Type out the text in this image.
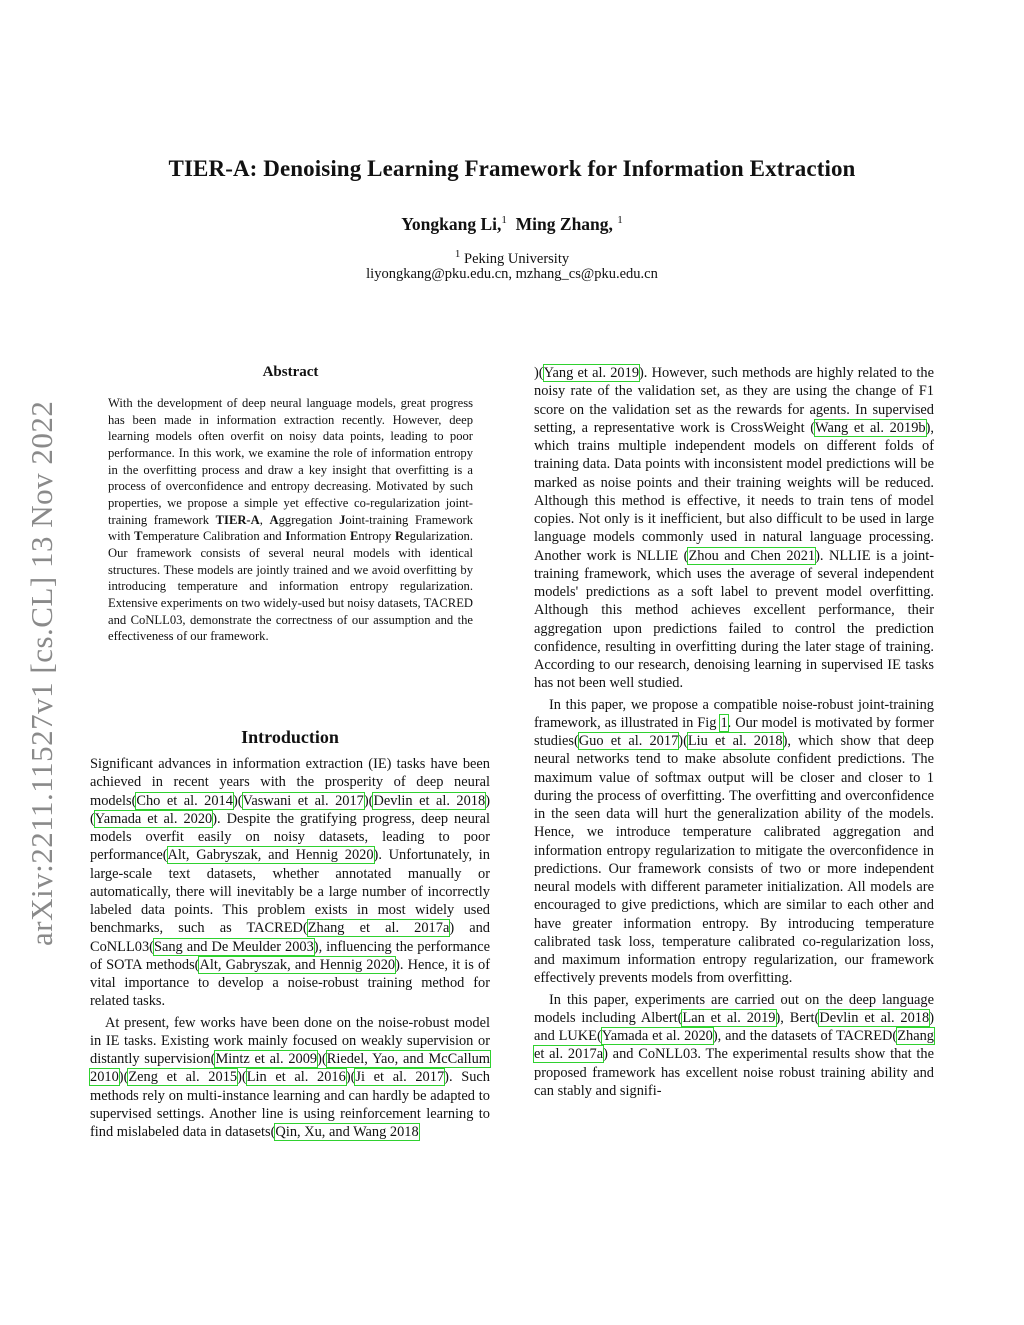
arXiv:2211.11527v1 [cs.CL] 13 Nov 2022
TIER-A: Denoising Learning Framework for Information Extraction
Yongkang Li,$^1$ Ming Zhang, $^1$
$^1$ Peking University
liyongkang@pku.edu.cn, mzhang_cs@pku.edu.cn
Abstract

With the development of deep neural language models, great progress has been made in information extraction recently. However, deep learning models often overfit on noisy data points, leading to poor performance. In this work, we examine the role of information entropy in the overfitting process and draw a key insight that overfitting is a process of overconfidence and entropy decreasing. Motivated by such properties, we propose a simple yet effective co-regularization joint-training framework TIER-A, Aggregation Joint-training Framework with Temperature Calibration and Information Entropy Regularization. Our framework consists of several neural models with identical structures. These models are jointly trained and we avoid overfitting by introducing temperature and information entropy regularization. Extensive experiments on two widely-used but noisy datasets, TACRED and CoNLL03, demonstrate the correctness of our assumption and the effectiveness of our framework.

Introduction

Significant advances in information extraction (IE) tasks have been achieved in recent years with the prosperity of deep neural models(Cho et al. 2014)(Vaswani et al. 2017)(Devlin et al. 2018)(Yamada et al. 2020). Despite the gratifying progress, deep neural models overfit easily on noisy datasets, leading to poor performance(Alt, Gabryszak, and Hennig 2020). Unfortunately, in large-scale text datasets, whether annotated manually or automatically, there will inevitably be a large number of incorrectly labeled data points. This problem exists in most widely used benchmarks, such as TACRED(Zhang et al. 2017a) and CoNLL03(Sang and De Meulder 2003), influencing the performance of SOTA methods(Alt, Gabryszak, and Hennig 2020). Hence, it is of vital importance to develop a noise-robust training method for related tasks.

At present, few works have been done on the noise-robust model in IE tasks. Existing work mainly focused on weakly supervision or distantly supervision(Mintz et al. 2009)(Riedel, Yao, and McCallum 2010)(Zeng et al. 2015)(Lin et al. 2016)(Ji et al. 2017). Such methods rely on multi-instance learning and can hardly be adapted to supervised settings. Another line is using reinforcement learning to find mislabeled data in datasets(Qin, Xu, and Wang 2018

)(Yang et al. 2019). However, such methods are highly related to the noisy rate of the validation set, as they are using the change of F1 score on the validation set as the rewards for agents. In supervised setting, a representative work is CrossWeight (Wang et al. 2019b), which trains multiple independent models on different folds of training data. Data points with inconsistent model predictions will be marked as noise points and their training weights will be reduced. Although this method is effective, it needs to train tens of model copies. Not only is it inefficient, but also difficult to be used in large language models commonly used in natural language processing. Another work is NLLIE (Zhou and Chen 2021). NLLIE is a joint-training framework, which uses the average of several independent models' predictions as a soft label to prevent model overfitting. Although this method achieves excellent performance, their aggregation upon predictions failed to control the prediction confidence, resulting in overfitting during the later stage of training. According to our research, denoising learning in supervised IE tasks has not been well studied.

In this paper, we propose a compatible noise-robust joint-training framework, as illustrated in Fig 1. Our model is motivated by former studies(Guo et al. 2017)(Liu et al. 2018), which show that deep neural networks tend to make absolute confident predictions. The maximum value of softmax output will be closer and closer to 1 during the process of overfitting. The overfitting and overconfidence in the seen data will hurt the generalization ability of the models. Hence, we introduce temperature calibrated aggregation and information entropy regularization to mitigate the overconfidence in predictions. Our framework consists of two or more independent neural models with different parameter initialization. All models are encouraged to give predictions, which are similar to each other and have greater information entropy. By introducing temperature calibrated task loss, temperature calibrated co-regularization loss, and maximum information entropy regularization, our framework effectively prevents models from overfitting.

In this paper, experiments are carried out on the deep language models including Albert(Lan et al. 2019), Bert(Devlin et al. 2018) and LUKE(Yamada et al. 2020), and the datasets of TACRED(Zhang et al. 2017a) and CoNLL03. The experimental results show that the proposed framework has excellent noise robust training ability and can stably and signifi-
